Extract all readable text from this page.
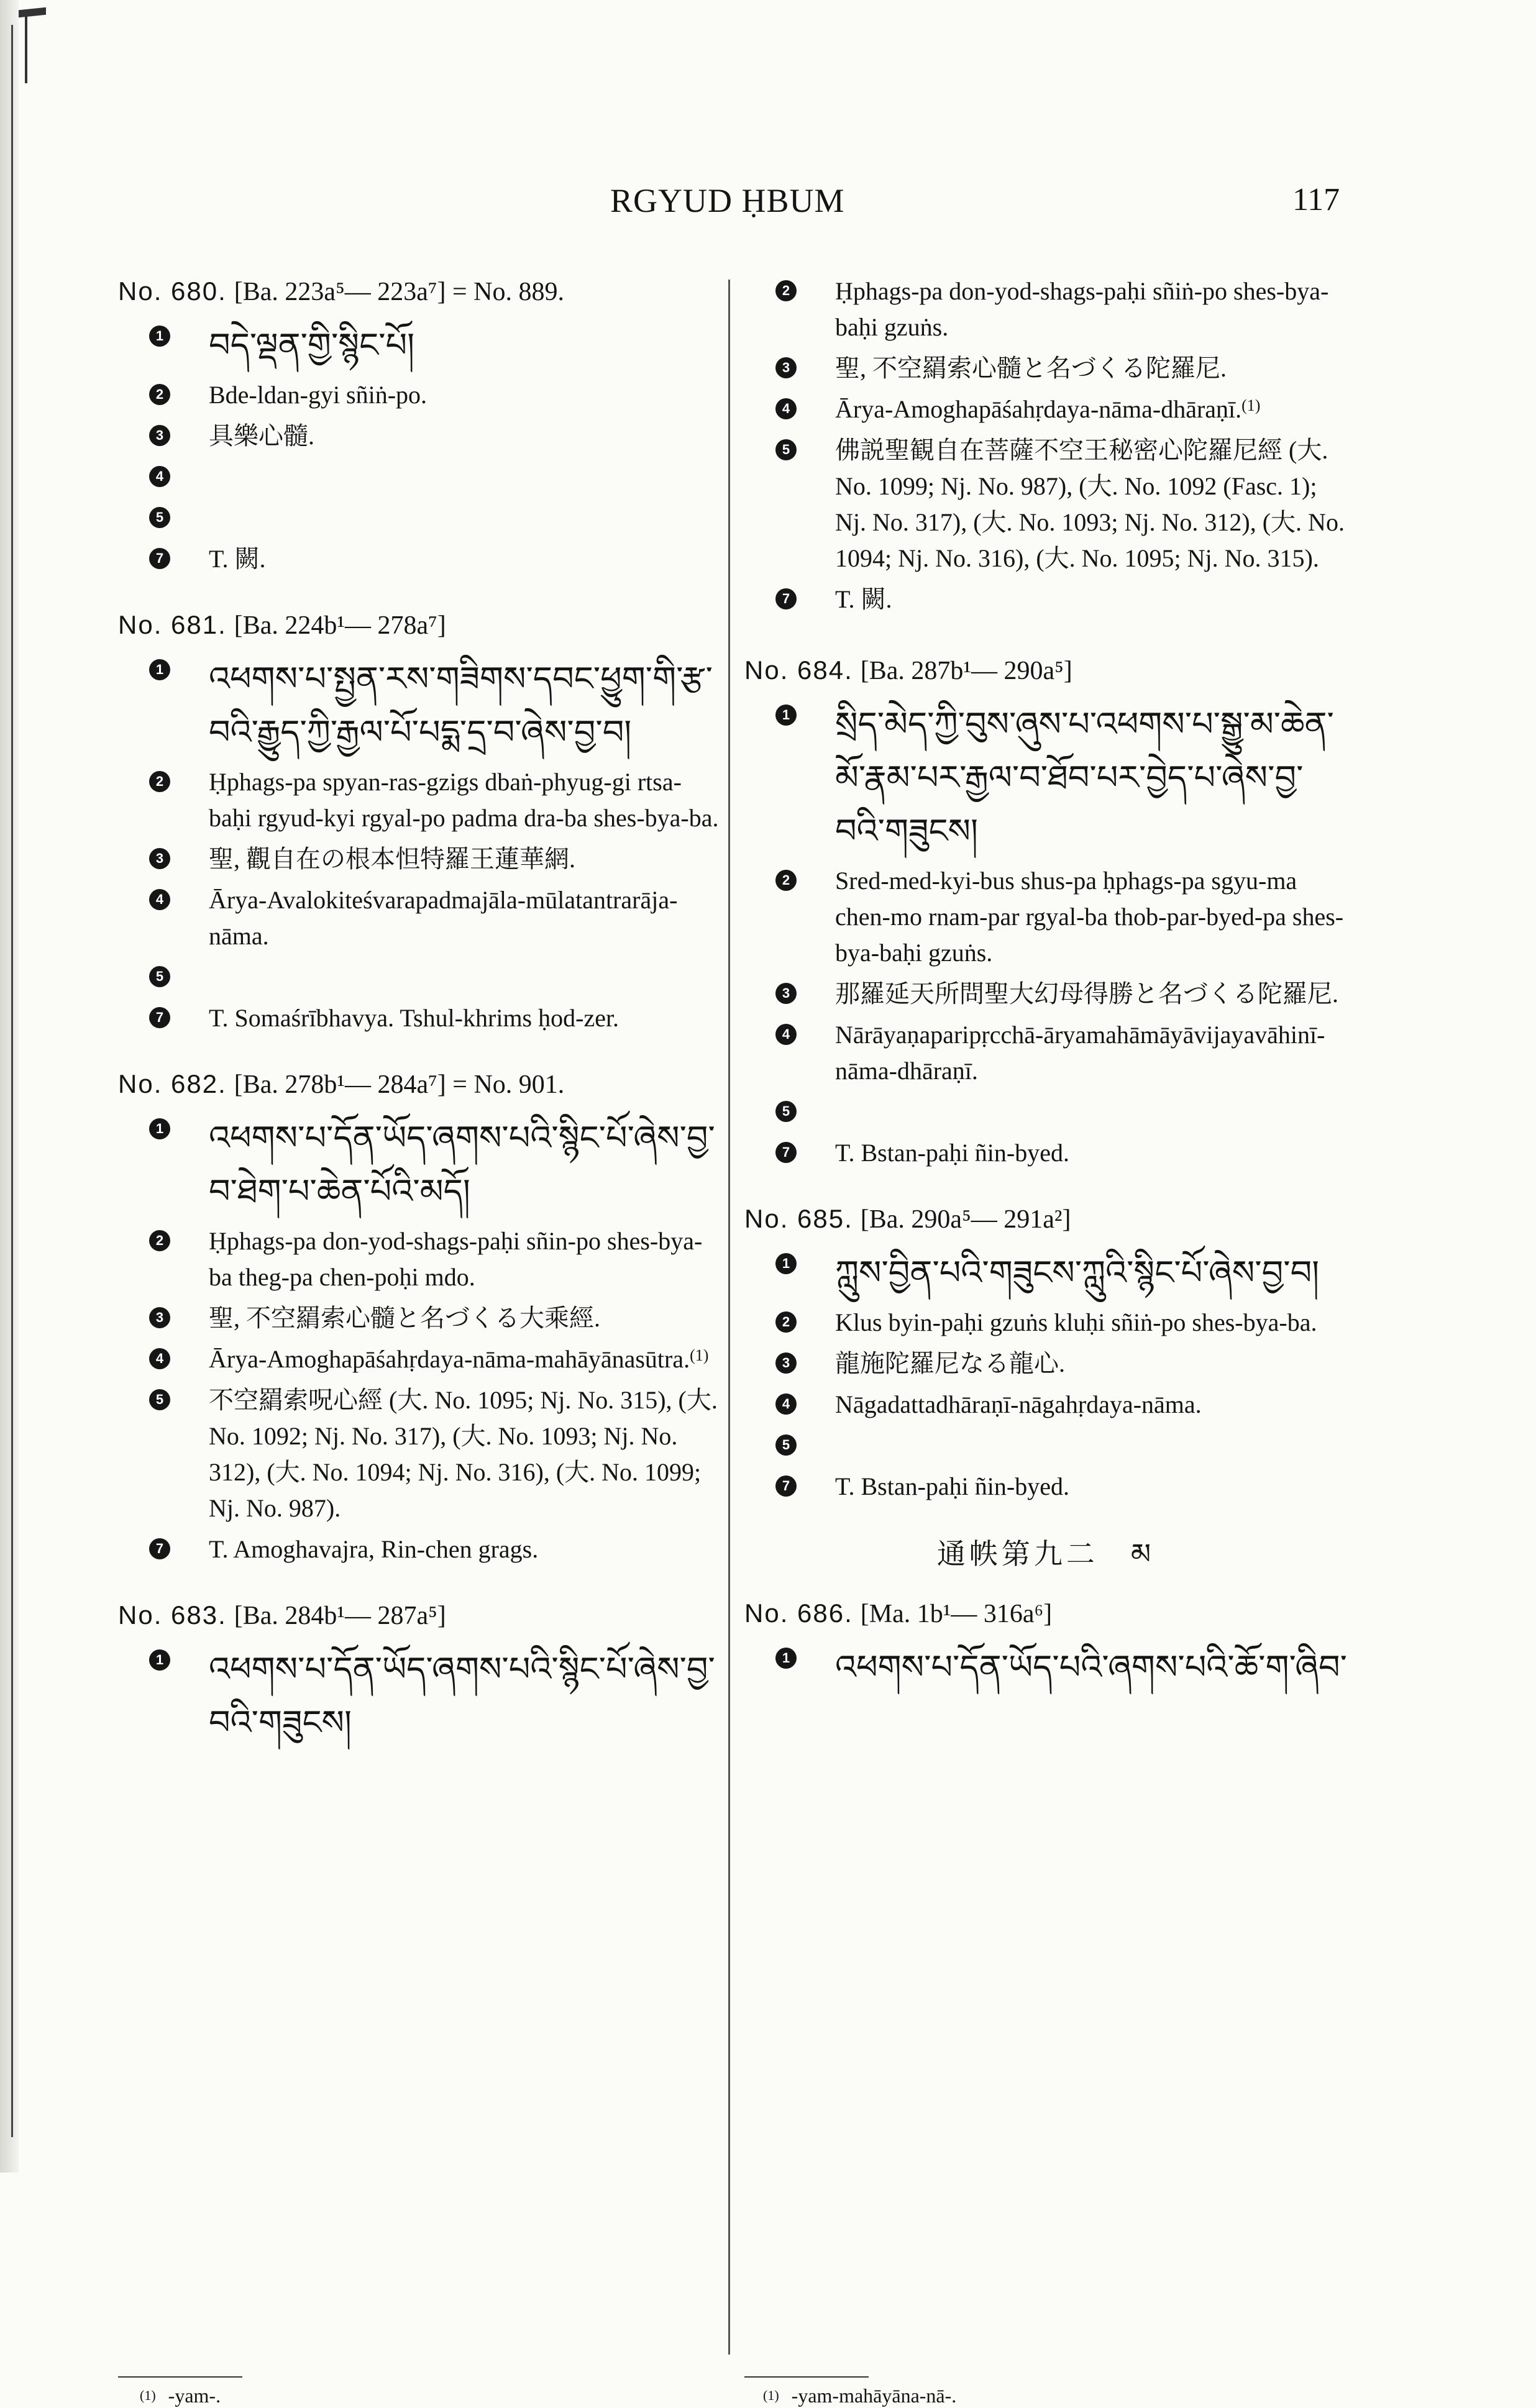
RGYUD ḤBUM	117
No. 680. [Ba. 223a⁵— 223a⁷] = No. 889.
1 བདེ་ལྡན་གྱི་སྙིང་པོ།
2 Bde-ldan-gyi sñiṅ-po.
3 具樂心髓.
4
5
7 T. 闕.
No. 681. [Ba. 224b¹— 278a⁷]
1 འཕགས་པ་སྤྱན་རས་གཟིགས་དབང་ཕྱུག་གི་རྩ་བའི་རྒྱུད་ཀྱི་རྒྱལ་པོ་པདྨ་དྲ་བ་ཞེས་བྱ་བ།
2 Ḥphags-pa spyan-ras-gzigs dbaṅ-phyug-gi rtsa-baḥi rgyud-kyi rgyal-po padma dra-ba shes-bya-ba.
3 聖, 觀自在の根本怛特羅王蓮華網.
4 Ārya-Avalokiteśvarapadmajāla-mūlatantrarāja-nāma.
5
7 T. Somaśrībhavya. Tshul-khrims ḥod-zer.
No. 682. [Ba. 278b¹— 284a⁷] = No. 901.
1 འཕགས་པ་དོན་ཡོད་ཞགས་པའི་སྙིང་པོ་ཞེས་བྱ་བ་ཐེག་པ་ཆེན་པོའི་མདོ།
2 Ḥphags-pa don-yod-shags-paḥi sñin-po shes-bya-ba theg-pa chen-poḥi mdo.
3 聖, 不空羂索心髓と名づくる大乘經.
4 Ārya-Amoghapāśahṛdaya-nāma-mahāyānasūtra.$^{(1)}$
5 不空羂索呪心經 (大. No. 1095; Nj. No. 315), (大. No. 1092; Nj. No. 317), (大. No. 1093; Nj. No. 312), (大. No. 1094; Nj. No. 316), (大. No. 1099; Nj. No. 987).
7 T. Amoghavajra, Rin-chen grags.
No. 683. [Ba. 284b¹— 287a⁵]
1 འཕགས་པ་དོན་ཡོད་ཞགས་པའི་སྙིང་པོ་ཞེས་བྱ་བའི་གཟུངས།
2 Ḥphags-pa don-yod-shags-paḥi sñiṅ-po shes-bya-baḥi gzuṅs.
3 聖, 不空羂索心髓と名づくる陀羅尼.
4 Ārya-Amoghapāśahṛdaya-nāma-dhāraṇī.$^{(1)}$
5 佛説聖観自在菩薩不空王秘密心陀羅尼經 (大. No. 1099; Nj. No. 987), (大. No. 1092 (Fasc. 1); Nj. No. 317), (大. No. 1093; Nj. No. 312), (大. No. 1094; Nj. No. 316), (大. No. 1095; Nj. No. 315).
7 T. 闕.
No. 684. [Ba. 287b¹— 290a⁵]
1 སྲིད་མེད་ཀྱི་བུས་ཞུས་པ་འཕགས་པ་སྒྱུ་མ་ཆེན་མོ་རྣམ་པར་རྒྱལ་བ་ཐོབ་པར་བྱེད་པ་ཞེས་བྱ་བའི་གཟུངས།
2 Sred-med-kyi-bus shus-pa ḥphags-pa sgyu-ma chen-mo rnam-par rgyal-ba thob-par-byed-pa shes-bya-baḥi gzuṅs.
3 那羅延天所問聖大幻母得勝と名づくる陀羅尼.
4 Nārāyaṇaparipṛcchā-āryamahāmāyāvijayavāhinī-nāma-dhāraṇī.
5
7 T. Bstan-paḥi ñin-byed.
No. 685. [Ba. 290a⁵— 291a²]
1 ཀླུས་བྱིན་པའི་གཟུངས་ཀླུའི་སྙིང་པོ་ཞེས་བྱ་བ།
2 Klus byin-paḥi gzuṅs kluḥi sñiṅ-po shes-bya-ba.
3 龍施陀羅尼なる龍心.
4 Nāgadattadhāraṇī-nāgahṛdaya-nāma.
5
7 T. Bstan-paḥi ñin-byed.
通帙第九二　མ
No. 686. [Ma. 1b¹— 316a⁶]
1 འཕགས་པ་དོན་ཡོད་པའི་ཞགས་པའི་ཆོ་ག་ཞིབ་
$^{(1)}$ -yam-.	$^{(1)}$ -yam-mahāyāna-nā-.
